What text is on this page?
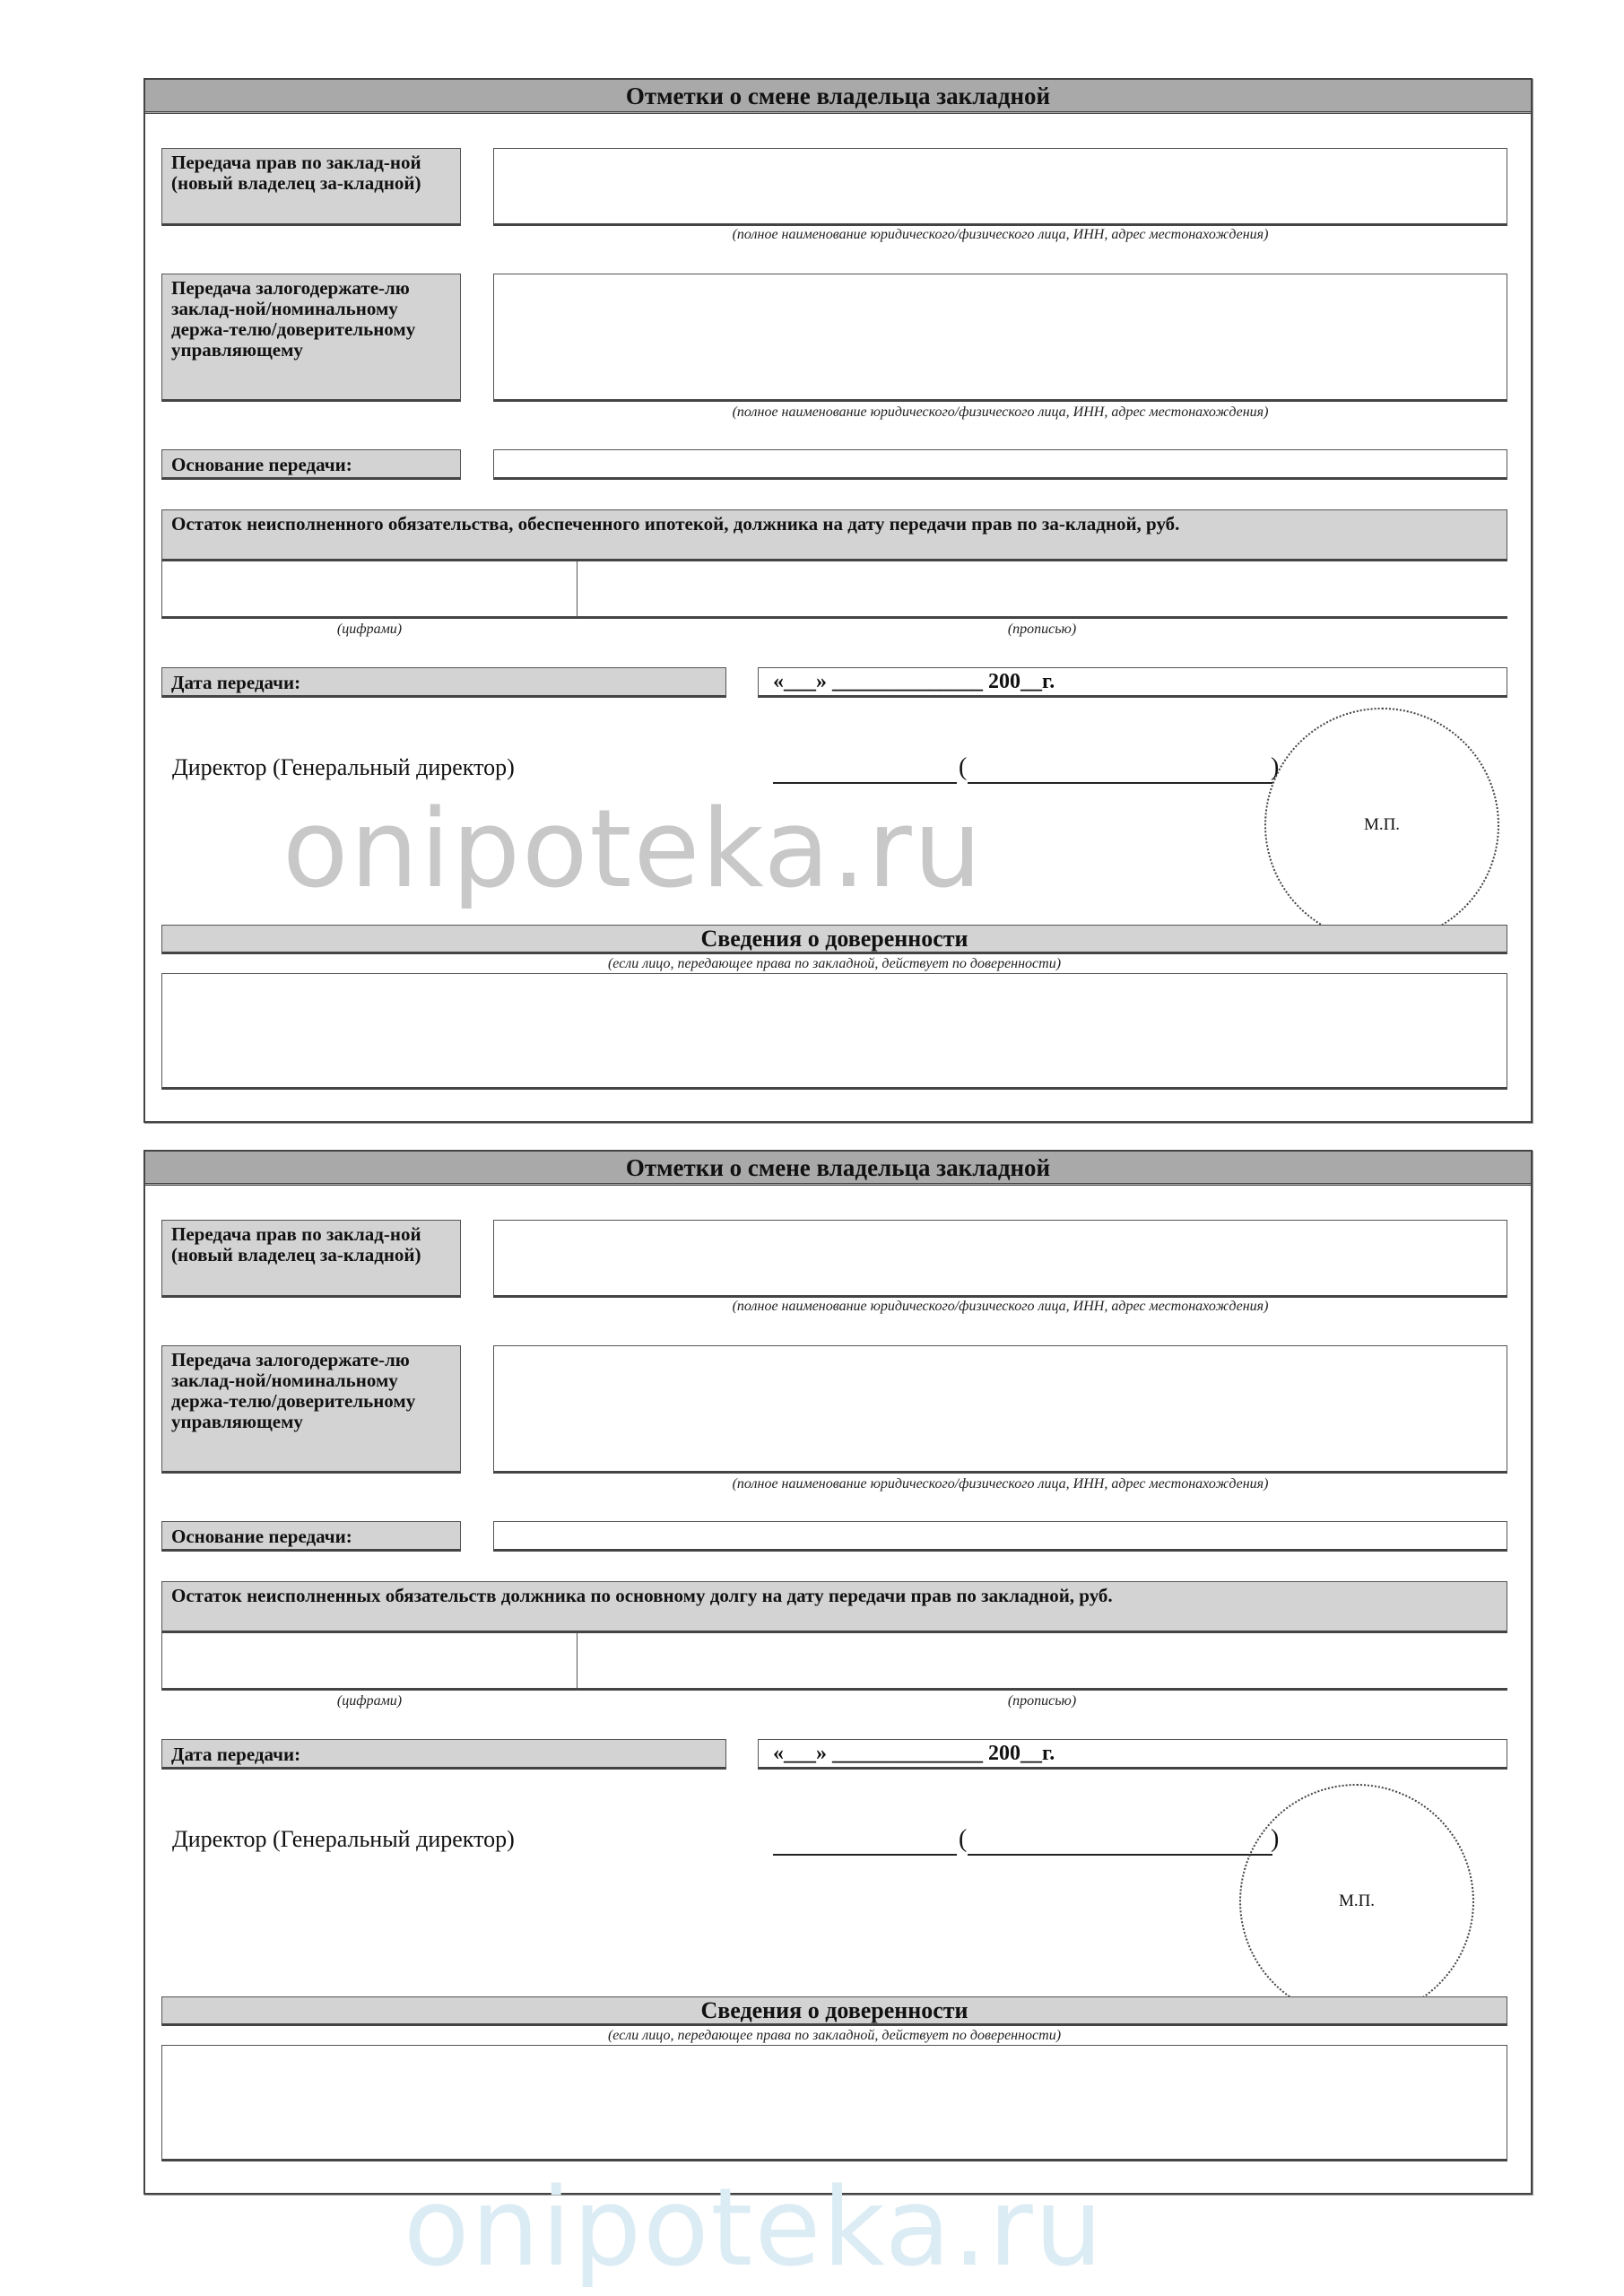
Отметки о смене владельца закладной
Передача прав по заклад-ной (новый владелец за-кладной)
(полное наименование юридического/физического лица, ИНН, адрес местонахождения)
Передача залогодержате-лю заклад-ной/номинальному держа-телю/доверительному управляющему
(полное наименование юридического/физического лица, ИНН, адрес местонахождения)
Основание передачи:
Остаток неисполненного обязательства, обеспеченного ипотекой, должника на дату передачи прав по за-кладной, руб.
(цифрами)	(прописью)
Дата передачи:	«___» ______________ 200__г.
Директор (Генеральный директор)	(	)
М.П.
Сведения о доверенности
(если лицо, передающее права по закладной, действует по доверенности)
Отметки о смене владельца закладной
Передача прав по заклад-ной (новый владелец за-кладной)
(полное наименование юридического/физического лица, ИНН, адрес местонахождения)
Передача залогодержате-лю заклад-ной/номинальному держа-телю/доверительному управляющему
(полное наименование юридического/физического лица, ИНН, адрес местонахождения)
Основание передачи:
Остаток неисполненных обязательств должника по основному долгу на дату передачи прав по закладной, руб.
(цифрами)	(прописью)
Дата передачи:	«___» ______________ 200__г.
Директор (Генеральный директор)	(	)
М.П.
Сведения о доверенности
(если лицо, передающее права по закладной, действует по доверенности)
onipoteka.ru
onipoteka.ru
